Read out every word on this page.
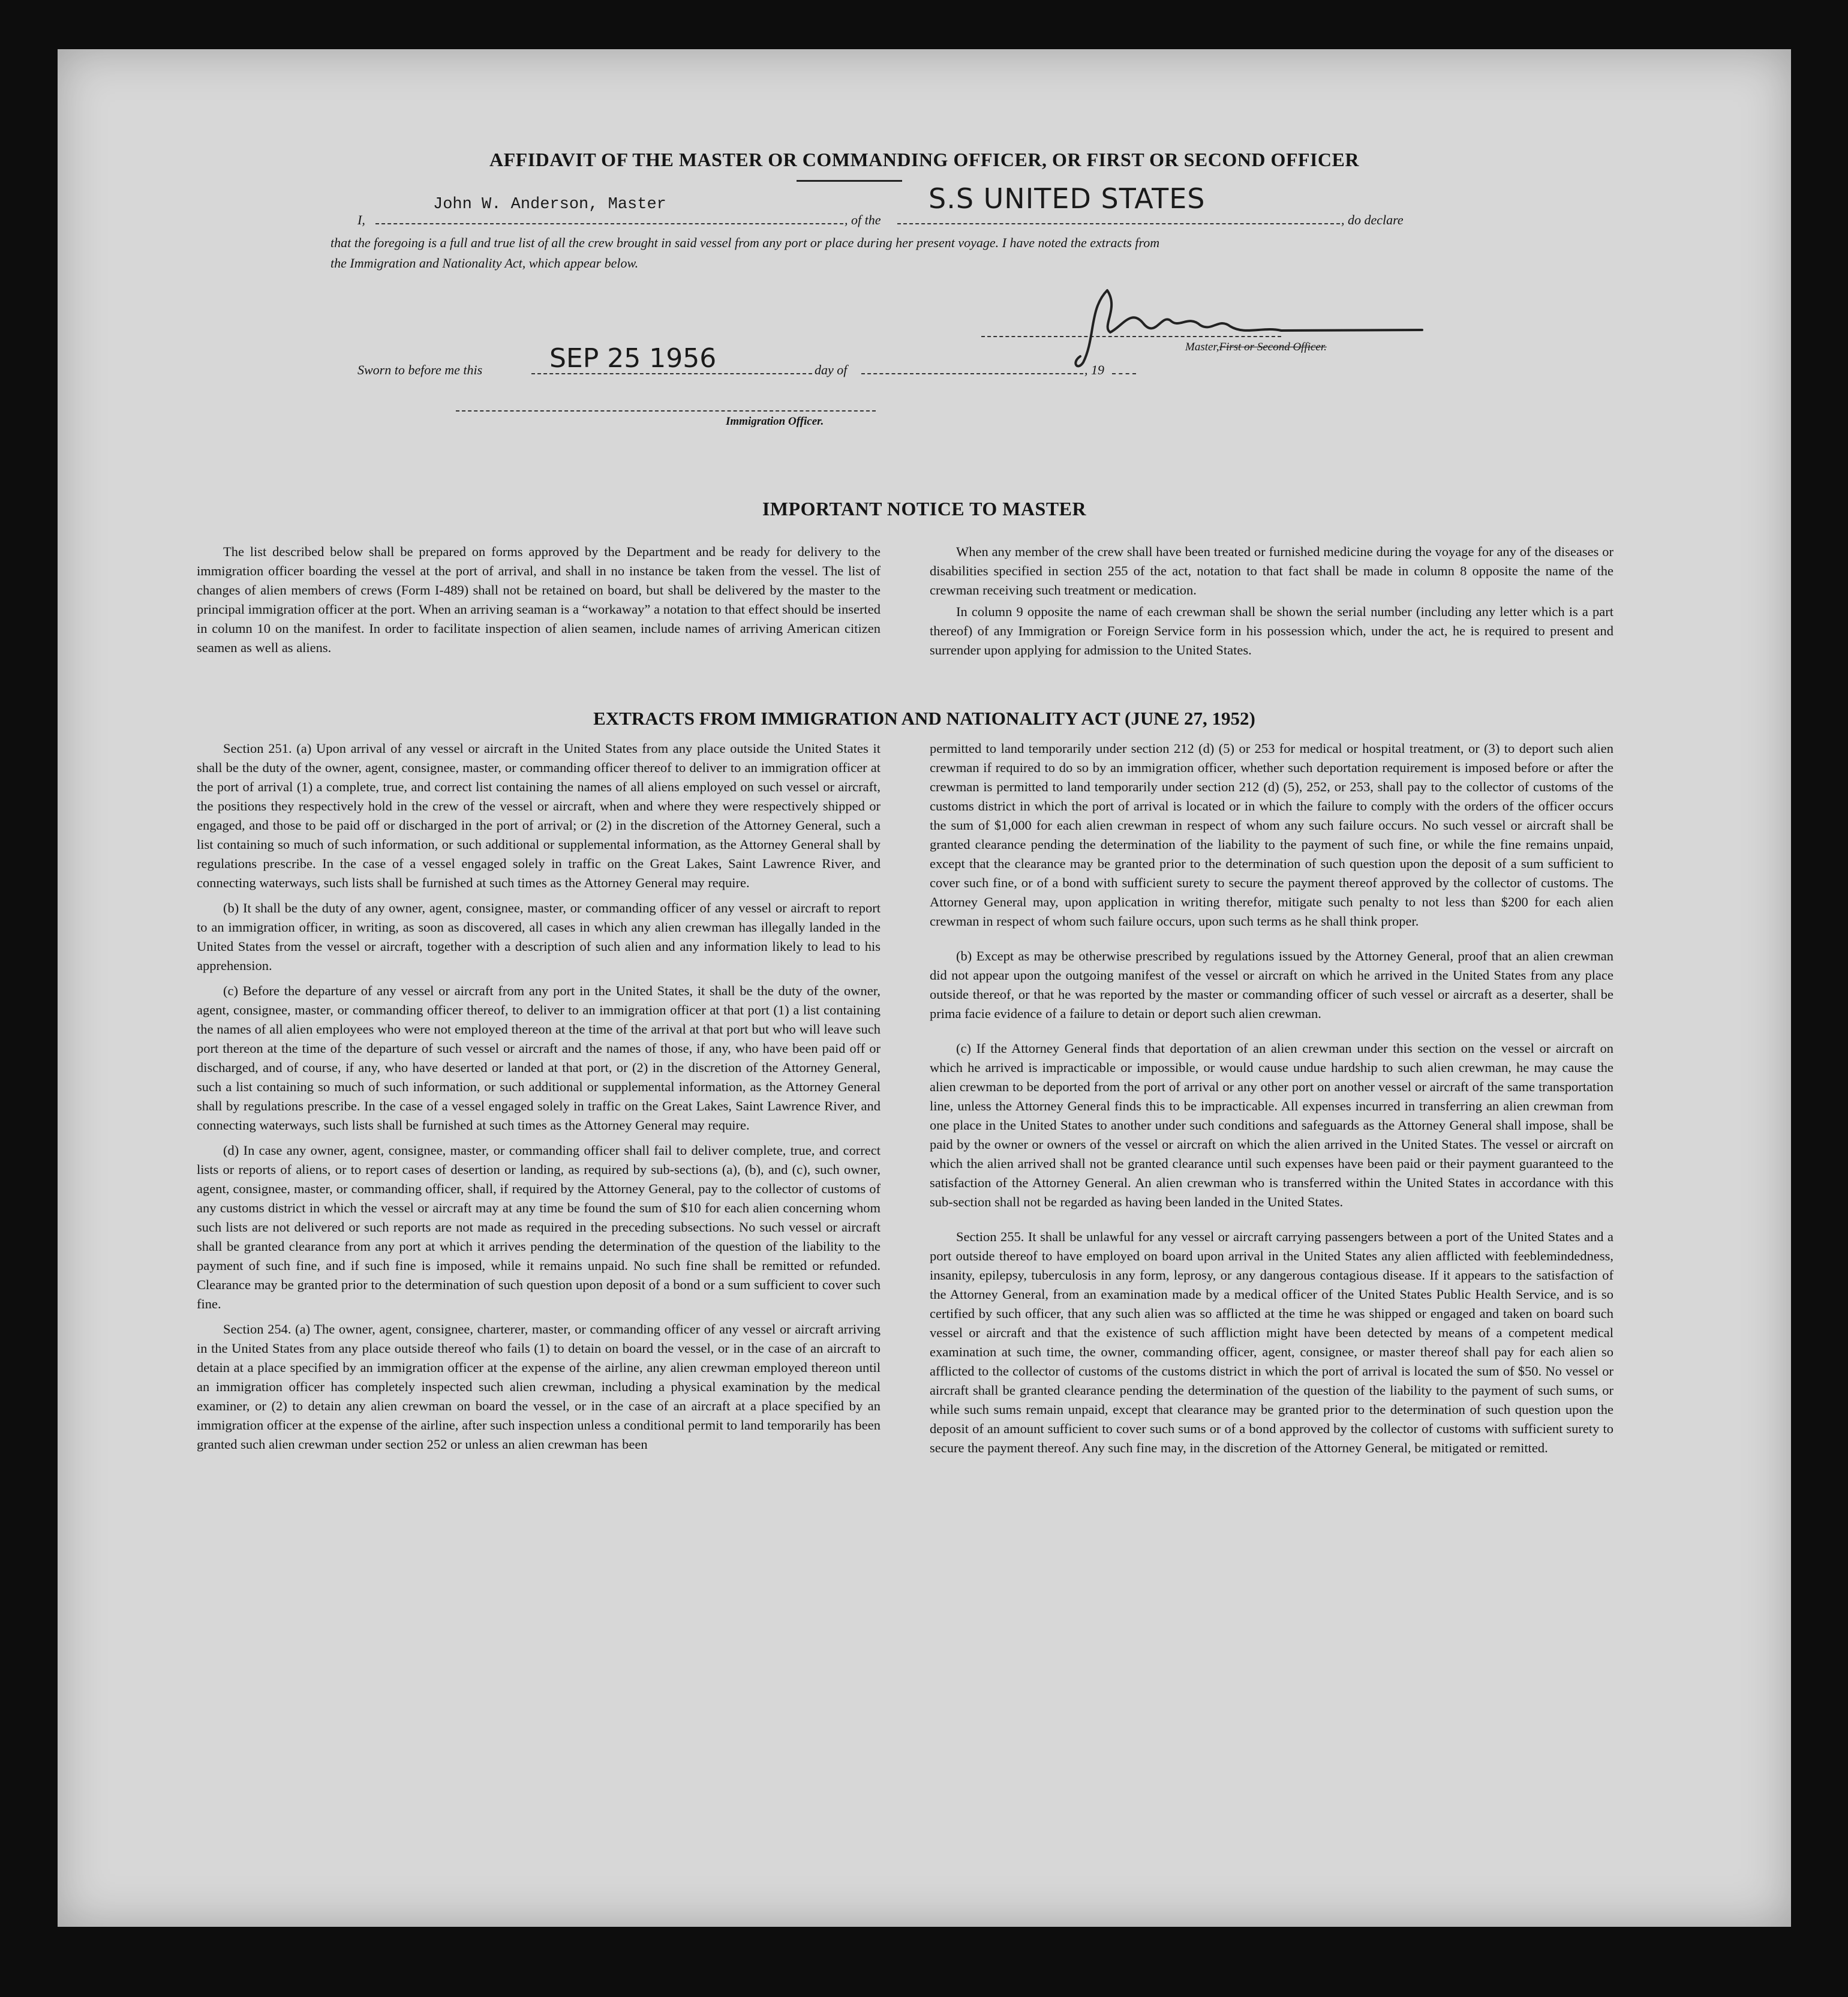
AFFIDAVIT OF THE MASTER OR COMMANDING OFFICER, OR FIRST OR SECOND OFFICER
I,
John W. Anderson, Master
, of the
S.S UNITED STATES
, do declare
that the foregoing is a full and true list of all the crew brought in said vessel from any port or place during her present voyage. I have noted the extracts from
the Immigration and Nationality Act, which appear below.
Master,First or Second Officer.
Sworn to before me this	SEP 25 1956	day of	, 19
Immigration Officer.
IMPORTANT NOTICE TO MASTER

The list described below shall be prepared on forms approved by the Department and be ready for delivery to the immigration officer boarding the vessel at the port of arrival, and shall in no instance be taken from the vessel. The list of changes of alien members of crews (Form I-489) shall not be retained on board, but shall be delivered by the master to the principal immigration officer at the port. When an arriving seaman is a “workaway” a notation to that effect should be inserted in column 10 on the manifest. In order to facilitate inspection of alien seamen, include names of arriving American citizen seamen as well as aliens.

When any member of the crew shall have been treated or furnished medicine during the voyage for any of the diseases or disabilities specified in section 255 of the act, notation to that fact shall be made in column 8 opposite the name of the crewman receiving such treatment or medication.

In column 9 opposite the name of each crewman shall be shown the serial number (including any letter which is a part thereof) of any Immigration or Foreign Service form in his possession which, under the act, he is required to present and surrender upon applying for admission to the United States.

EXTRACTS FROM IMMIGRATION AND NATIONALITY ACT (JUNE 27, 1952)

Section 251. (a) Upon arrival of any vessel or aircraft in the United States from any place outside the United States it shall be the duty of the owner, agent, consignee, master, or commanding officer thereof to deliver to an immigration officer at the port of arrival (1) a complete, true, and correct list containing the names of all aliens employed on such vessel or aircraft, the positions they respectively hold in the crew of the vessel or aircraft, when and where they were respectively shipped or engaged, and those to be paid off or discharged in the port of arrival; or (2) in the discretion of the Attorney General, such a list containing so much of such information, or such additional or supplemental information, as the Attorney General shall by regulations prescribe. In the case of a vessel engaged solely in traffic on the Great Lakes, Saint Lawrence River, and connecting waterways, such lists shall be furnished at such times as the Attorney General may require.

(b) It shall be the duty of any owner, agent, consignee, master, or commanding officer of any vessel or aircraft to report to an immigration officer, in writing, as soon as discovered, all cases in which any alien crewman has illegally landed in the United States from the vessel or aircraft, together with a description of such alien and any information likely to lead to his apprehension.

(c) Before the departure of any vessel or aircraft from any port in the United States, it shall be the duty of the owner, agent, consignee, master, or commanding officer thereof, to deliver to an immigration officer at that port (1) a list containing the names of all alien employees who were not employed thereon at the time of the arrival at that port but who will leave such port thereon at the time of the departure of such vessel or aircraft and the names of those, if any, who have been paid off or discharged, and of course, if any, who have deserted or landed at that port, or (2) in the discretion of the Attorney General, such a list containing so much of such information, or such additional or supplemental information, as the Attorney General shall by regulations prescribe. In the case of a vessel engaged solely in traffic on the Great Lakes, Saint Lawrence River, and connecting waterways, such lists shall be furnished at such times as the Attorney General may require.

(d) In case any owner, agent, consignee, master, or commanding officer shall fail to deliver complete, true, and correct lists or reports of aliens, or to report cases of desertion or landing, as required by sub-sections (a), (b), and (c), such owner, agent, consignee, master, or commanding officer, shall, if required by the Attorney General, pay to the collector of customs of any customs district in which the vessel or aircraft may at any time be found the sum of $10 for each alien concerning whom such lists are not delivered or such reports are not made as required in the preceding subsections. No such vessel or aircraft shall be granted clearance from any port at which it arrives pending the determination of the question of the liability to the payment of such fine, and if such fine is imposed, while it remains unpaid. No such fine shall be remitted or refunded. Clearance may be granted prior to the determination of such question upon deposit of a bond or a sum sufficient to cover such fine.

Section 254. (a) The owner, agent, consignee, charterer, master, or commanding officer of any vessel or aircraft arriving in the United States from any place outside thereof who fails (1) to detain on board the vessel, or in the case of an aircraft to detain at a place specified by an immigration officer at the expense of the airline, any alien crewman employed thereon until an immigration officer has completely inspected such alien crewman, including a physical examination by the medical examiner, or (2) to detain any alien crewman on board the vessel, or in the case of an aircraft at a place specified by an immigration officer at the expense of the airline, after such inspection unless a conditional permit to land temporarily has been granted such alien crewman under section 252 or unless an alien crewman has been

permitted to land temporarily under section 212 (d) (5) or 253 for medical or hospital treatment, or (3) to deport such alien crewman if required to do so by an immigration officer, whether such deportation requirement is imposed before or after the crewman is permitted to land temporarily under section 212 (d) (5), 252, or 253, shall pay to the collector of customs of the customs district in which the port of arrival is located or in which the failure to comply with the orders of the officer occurs the sum of $1,000 for each alien crewman in respect of whom any such failure occurs. No such vessel or aircraft shall be granted clearance pending the determination of the liability to the payment of such fine, or while the fine remains unpaid, except that the clearance may be granted prior to the determination of such question upon the deposit of a sum sufficient to cover such fine, or of a bond with sufficient surety to secure the payment thereof approved by the collector of customs. The Attorney General may, upon application in writing therefor, mitigate such penalty to not less than $200 for each alien crewman in respect of whom such failure occurs, upon such terms as he shall think proper.

(b) Except as may be otherwise prescribed by regulations issued by the Attorney General, proof that an alien crewman did not appear upon the outgoing manifest of the vessel or aircraft on which he arrived in the United States from any place outside thereof, or that he was reported by the master or commanding officer of such vessel or aircraft as a deserter, shall be prima facie evidence of a failure to detain or deport such alien crewman.

(c) If the Attorney General finds that deportation of an alien crewman under this section on the vessel or aircraft on which he arrived is impracticable or impossible, or would cause undue hardship to such alien crewman, he may cause the alien crewman to be deported from the port of arrival or any other port on another vessel or aircraft of the same transportation line, unless the Attorney General finds this to be impracticable. All expenses incurred in transferring an alien crewman from one place in the United States to another under such conditions and safeguards as the Attorney General shall impose, shall be paid by the owner or owners of the vessel or aircraft on which the alien arrived in the United States. The vessel or aircraft on which the alien arrived shall not be granted clearance until such expenses have been paid or their payment guaranteed to the satisfaction of the Attorney General. An alien crewman who is transferred within the United States in accordance with this sub-section shall not be regarded as having been landed in the United States.

Section 255. It shall be unlawful for any vessel or aircraft carrying passengers between a port of the United States and a port outside thereof to have employed on board upon arrival in the United States any alien afflicted with feeblemindedness, insanity, epilepsy, tuberculosis in any form, leprosy, or any dangerous contagious disease. If it appears to the satisfaction of the Attorney General, from an examination made by a medical officer of the United States Public Health Service, and is so certified by such officer, that any such alien was so afflicted at the time he was shipped or engaged and taken on board such vessel or aircraft and that the existence of such affliction might have been detected by means of a competent medical examination at such time, the owner, commanding officer, agent, consignee, or master thereof shall pay for each alien so afflicted to the collector of customs of the customs district in which the port of arrival is located the sum of $50. No vessel or aircraft shall be granted clearance pending the determination of the question of the liability to the payment of such sums, or while such sums remain unpaid, except that clearance may be granted prior to the determination of such question upon the deposit of an amount sufficient to cover such sums or of a bond approved by the collector of customs with sufficient surety to secure the payment thereof. Any such fine may, in the discretion of the Attorney General, be mitigated or remitted.
